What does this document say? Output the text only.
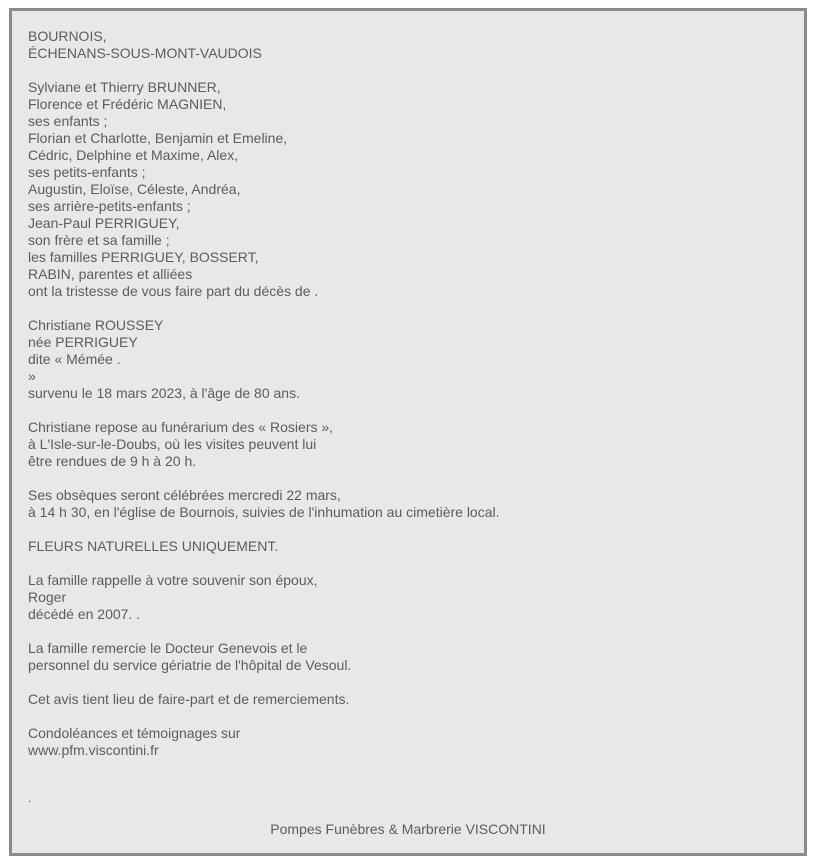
BOURNOIS,
ÉCHENANS-SOUS-MONT-VAUDOIS
Sylviane et Thierry BRUNNER,
Florence et Frédéric MAGNIEN,
ses enfants ;
Florian et Charlotte, Benjamin et Emeline,
Cédric, Delphine et Maxime, Alex,
ses petits-enfants ;
Augustin, Eloïse, Céleste, Andréa,
ses arrière-petits-enfants ;
Jean-Paul PERRIGUEY,
son frère et sa famille ;
les familles PERRIGUEY, BOSSERT,
RABIN, parentes et alliées
ont la tristesse de vous faire part du décès de .
Christiane ROUSSEY
née PERRIGUEY
dite « Mémée .
»
survenu le 18 mars 2023, à l'âge de 80 ans.
Christiane repose au funérarium des « Rosiers »,
à L'Isle-sur-le-Doubs, où les visites peuvent lui
être rendues de 9 h à 20 h.
Ses obsèques seront célébrées mercredi 22 mars,
à 14 h 30, en l'église de Bournois, suivies de l'inhumation au cimetière local.
FLEURS NATURELLES UNIQUEMENT.
La famille rappelle à votre souvenir son époux,
Roger
décédé en 2007. .
La famille remercie le Docteur Genevois et le
personnel du service gériatrie de l'hôpital de Vesoul.
Cet avis tient lieu de faire-part et de remerciements.
Condoléances et témoignages sur
www.pfm.viscontini.fr
.
Pompes Funèbres & Marbrerie VISCONTINI
